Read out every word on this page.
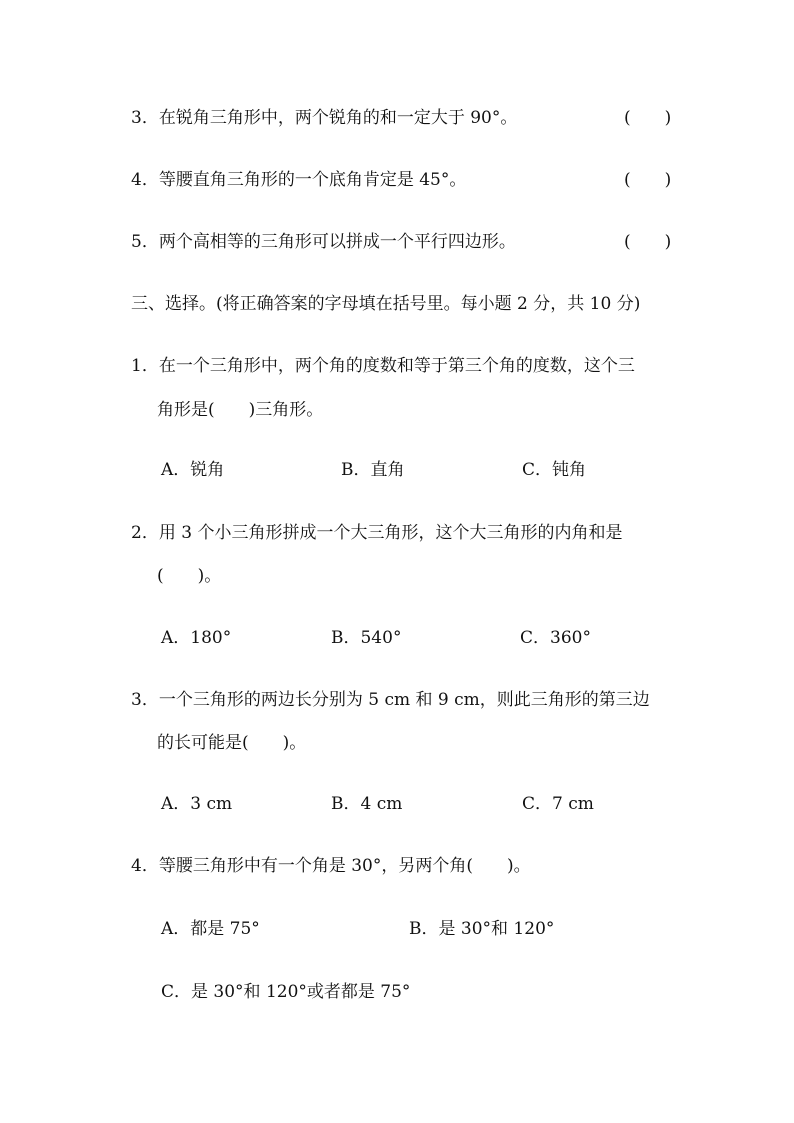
3．在锐角三角形中，两个锐角的和一定大于 90°。	(　　)
4．等腰直角三角形的一个底角肯定是 45°。	(　　)
5．两个高相等的三角形可以拼成一个平行四边形。	(　　)
三、选择。(将正确答案的字母填在括号里。每小题 2 分，共 10 分)
1．在一个三角形中，两个角的度数和等于第三个角的度数，这个三
角形是(　　)三角形。
A．锐角	B．直角	C．钝角
2．用 3 个小三角形拼成一个大三角形，这个大三角形的内角和是
(　　)。
A．180°	B．540°	C．360°
3．一个三角形的两边长分别为 5 cm 和 9 cm，则此三角形的第三边
的长可能是(　　)。
A．3 cm	B．4 cm	C．7 cm
4．等腰三角形中有一个角是 30°，另两个角(　　)。
A．都是 75°	B．是 30°和 120°
C．是 30°和 120°或者都是 75°
